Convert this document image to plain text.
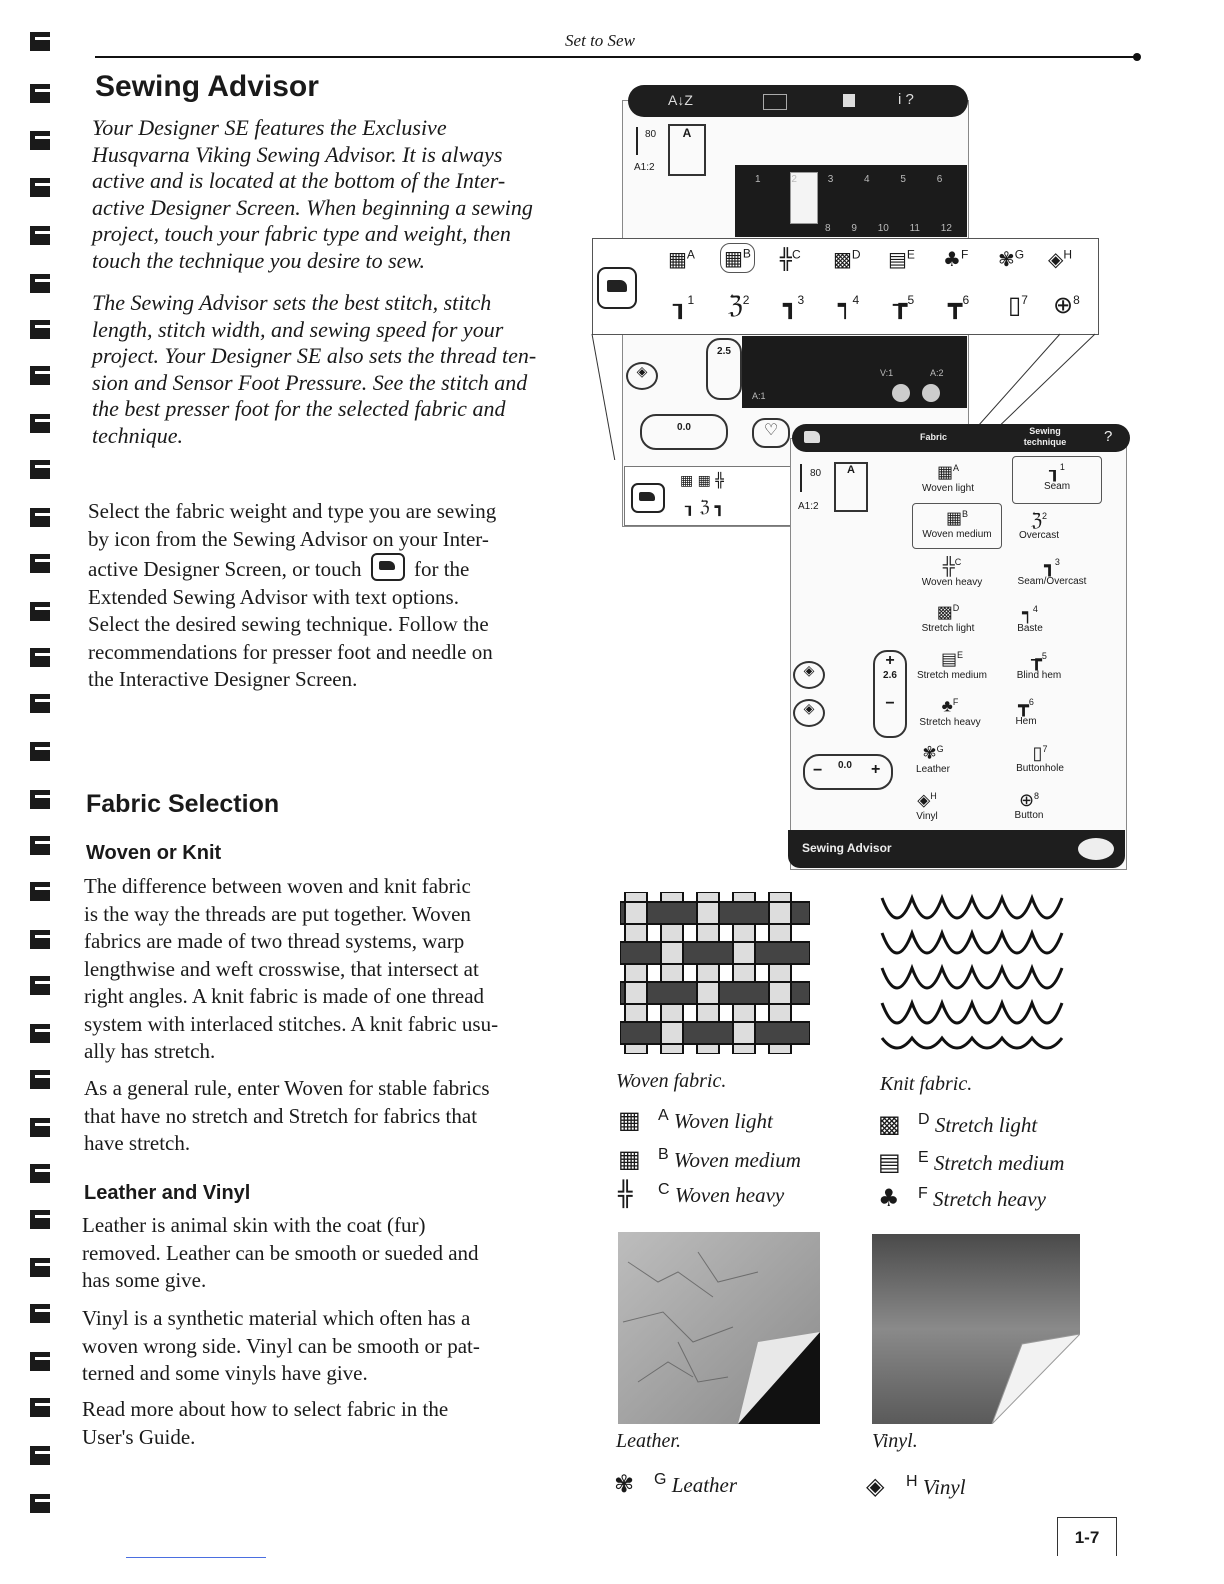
Set to Sew
Sewing Advisor
Your Designer SE features the Exclusive
Husqvarna Viking Sewing Advisor. It is always
active and is located at the bottom of the Inter-
active Designer Screen. When beginning a sewing
project, touch your fabric type and weight, then
touch the technique you desire to sew.
The Sewing Advisor sets the best stitch, stitch
length, stitch width, and sewing speed for your
project. Your Designer SE also sets the thread ten-
sion and Sensor Foot Pressure. See the stitch and
the best presser foot for the selected fabric and
technique.
Select the fabric weight and type you are sewing
by icon from the Sewing Advisor on your Inter-
active Designer Screen, or touch	for the
Extended Sewing Advisor with text options.
Select the desired sewing technique. Follow the
recommendations for presser foot and needle on
the Interactive Designer Screen.
A↓Z	i ?
80
A1:2
A
1	2	3	4	5	6
8 9 10 11 12
▦$^A$ ▦$^B$ ╬$^C$ ▩$^D$ ▤$^E$ ♣$^F$ ✾$^G$ ◈$^H$
┒$^1$ ℨ$^2$ ┓$^3$ ┑$^4$ ┲$^5$ ┳$^6$ ▯$^7$ ⊕$^8$
◈
2.5
V:1	A:2
A:1
0.0	♡
▦ ▦ ╬
┒ ℨ ┓
Fabric
Sewing technique	?
80
A1:2
A	▦$^A$
Woven light
▦$^B$
Woven medium
╬$^C$
Woven heavy
▩$^D$
Stretch light
▤$^E$
Stretch medium
♣$^F$
Stretch heavy
✾$^G$
Leather
◈$^H$
Vinyl
┒$^1$
Seam
ℨ$^2$
Overcast
┓$^3$
Seam/Overcast
┑$^4$
Baste
┲$^5$
Blind hem
┳$^6$
Hem
▯$^7$
Buttonhole
⊕$^8$
Button
◈
◈
+
2.6
−
− 0.0 +
Sewing Advisor
Fabric Selection
Woven or Knit
The difference between woven and knit fabric
is the way the threads are put together. Woven
fabrics are made of two thread systems, warp
lengthwise and weft crosswise, that intersect at
right angles. A knit fabric is made of one thread
system with interlaced stitches. A knit fabric usu-
ally has stretch.
As a general rule, enter Woven for stable fabrics
that have no stretch and Stretch for fabrics that
have stretch.
Leather and Vinyl
Leather is animal skin with the coat (fur)
removed. Leather can be smooth or sueded and
has some give.
Vinyl is a synthetic material which often has a
woven wrong side. Vinyl can be smooth or pat-
terned and some vinyls have give.
Read more about how to select fabric in the
User's Guide.
Woven fabric.	Knit fabric.
▦ $^A$ Woven light
▦ $^B$ Woven medium
╬ $^C$ Woven heavy
▩ $^D$ Stretch light
▤ $^E$ Stretch medium
♣ $^F$ Stretch heavy
Leather.	Vinyl.
✾ $^G$ Leather	◈ $^H$ Vinyl
1-7
